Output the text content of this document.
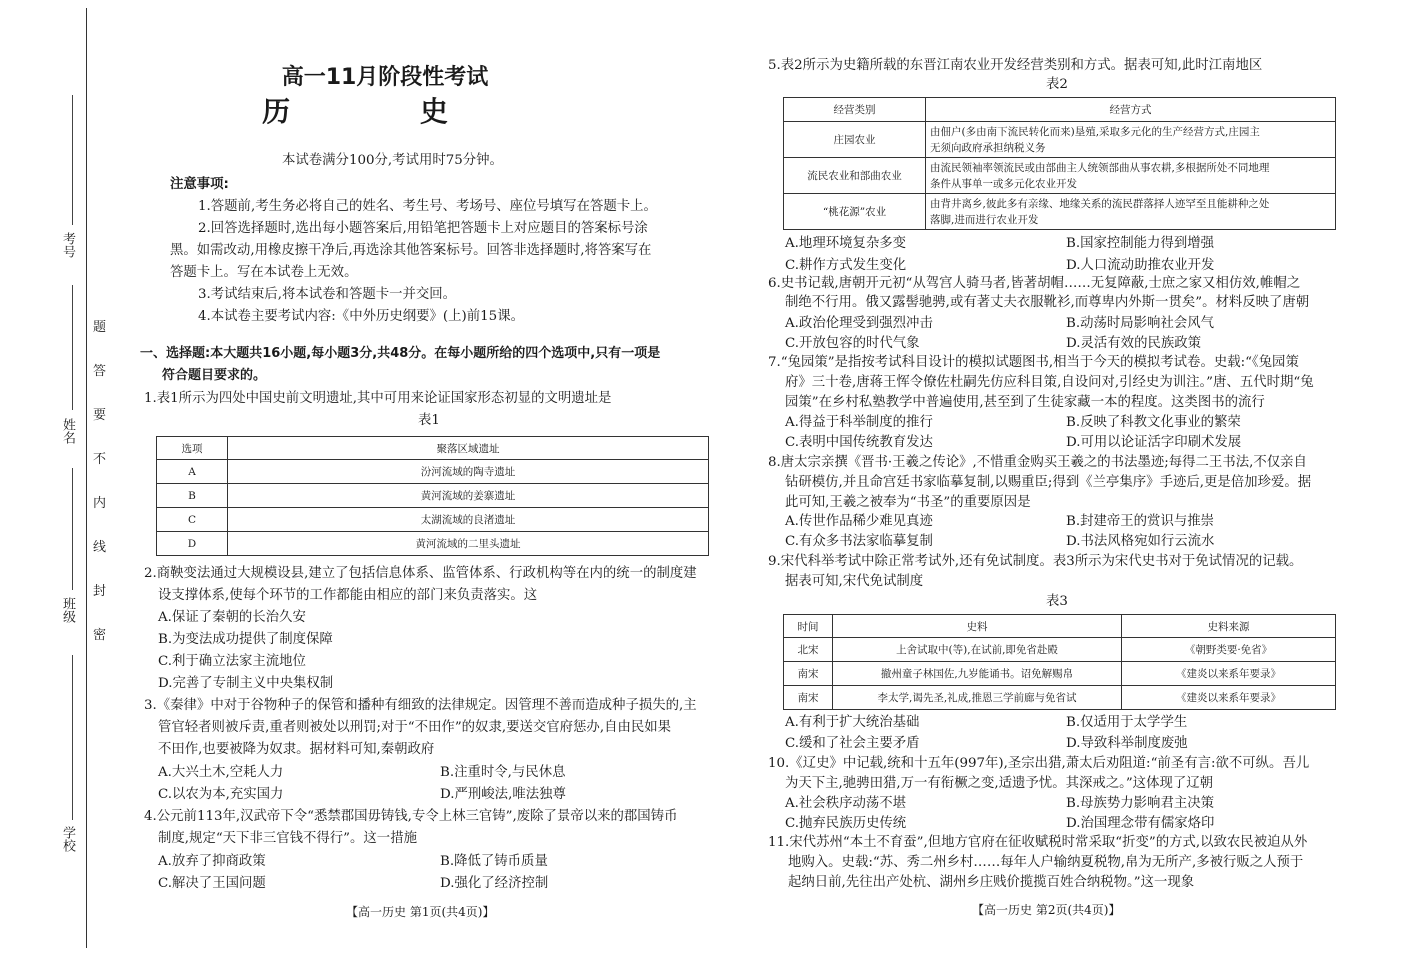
考号
姓名
班级
学校
题
答
要
不
内
线
封
密
高一11月阶段性考试
历 史
本试卷满分100分,考试用时75分钟。
注意事项:
1.答题前,考生务必将自己的姓名、考生号、考场号、座位号填写在答题卡上。
2.回答选择题时,选出每小题答案后,用铅笔把答题卡上对应题目的答案标号涂
黑。如需改动,用橡皮擦干净后,再选涂其他答案标号。回答非选择题时,将答案写在
答题卡上。写在本试卷上无效。
3.考试结束后,将本试卷和答题卡一并交回。
4.本试卷主要考试内容:《中外历史纲要》(上)前15课。
一、选择题:本大题共16小题,每小题3分,共48分。在每小题所给的四个选项中,只有一项是
符合题目要求的。
1.表1所示为四处中国史前文明遗址,其中可用来论证国家形态初显的文明遗址是
表1
选项	聚落区域遗址
A	汾河流域的陶寺遗址
B	黄河流域的姜寨遗址
C	太湖流域的良渚遗址
D	黄河流域的二里头遗址
2.商鞅变法通过大规模设县,建立了包括信息体系、监管体系、行政机构等在内的统一的制度建
设支撑体系,使每个环节的工作都能由相应的部门来负责落实。这
A.保证了秦朝的长治久安
B.为变法成功提供了制度保障
C.利于确立法家主流地位
D.完善了专制主义中央集权制
3.《秦律》中对于谷物种子的保管和播种有细致的法律规定。因管理不善而造成种子损失的,主
管官轻者则被斥责,重者则被处以刑罚;对于“不田作”的奴隶,要送交官府惩办,自由民如果
不田作,也要被降为奴隶。据材料可知,秦朝政府
A.大兴土木,空耗人力	B.注重时令,与民休息
C.以农为本,充实国力	D.严刑峻法,唯法独尊
4.公元前113年,汉武帝下令“悉禁郡国毋铸钱,专令上林三官铸”,废除了景帝以来的郡国铸币
制度,规定“天下非三官钱不得行”。这一措施
A.放弃了抑商政策	B.降低了铸币质量
C.解决了王国问题	D.强化了经济控制
【高一历史 第1页(共4页)】
5.表2所示为史籍所载的东晋江南农业开发经营类别和方式。据表可知,此时江南地区
表2
经营类别	经营方式
庄园农业	由佃户(多由南下流民转化而来)垦殖,采取多元化的生产经营方式,庄园主
无须向政府承担纳税义务

流民农业和部曲农业	由流民领袖率领流民或由部曲主人统领部曲从事农耕,多根据所处不同地理
条件从事单一或多元化农业开发

“桃花源”农业	由背井离乡,彼此多有亲缘、地缘关系的流民群落择人迹罕至且能耕种之处
落脚,进而进行农业开发
A.地理环境复杂多变	B.国家控制能力得到增强
C.耕作方式发生变化	D.人口流动助推农业开发
6.史书记载,唐朝开元初“从驾宫人骑马者,皆著胡帽……无复障蔽,士庶之家又相仿效,帷帽之
制绝不行用。俄又露髻驰骋,或有著丈夫衣服靴衫,而尊卑内外斯一贯矣”。材料反映了唐朝
A.政治伦理受到强烈冲击	B.动荡时局影响社会风气
C.开放包容的时代气象	D.灵活有效的民族政策
7.“兔园策”是指按考试科目设计的模拟试题图书,相当于今天的模拟考试卷。史载:“《兔园策
府》三十卷,唐蒋王恽令僚佐杜嗣先仿应科目策,自设问对,引经史为训注。”唐、五代时期“兔
园策”在乡村私塾教学中普遍使用,甚至到了生徒家藏一本的程度。这类图书的流行
A.得益于科举制度的推行	B.反映了科教文化事业的繁荣
C.表明中国传统教育发达	D.可用以论证活字印刷术发展
8.唐太宗亲撰《晋书·王羲之传论》,不惜重金购买王羲之的书法墨迹;每得二王书法,不仅亲自
钻研模仿,并且命宫廷书家临摹复制,以赐重臣;得到《兰亭集序》手迹后,更是倍加珍爱。据
此可知,王羲之被奉为“书圣”的重要原因是
A.传世作品稀少难见真迹	B.封建帝王的赏识与推崇
C.有众多书法家临摹复制	D.书法风格宛如行云流水
9.宋代科举考试中除正常考试外,还有免试制度。表3所示为宋代史书对于免试情况的记载。
据表可知,宋代免试制度
表3
时间	史料	史料来源
北宋	上舍试取中(等),在试前,即免省赴殿	《朝野类要·免省》
南宋	撤州童子林国佐,九岁能诵书。诏免解赐帛	《建炎以来系年要录》
南宋	李太学,谒先圣,礼成,推恩三学前廊与免省试	《建炎以来系年要录》
A.有利于扩大统治基础	B.仅适用于太学学生
C.缓和了社会主要矛盾	D.导致科举制度废弛
10.《辽史》中记载,统和十五年(997年),圣宗出猎,萧太后劝阻道:“前圣有言:欲不可纵。吾儿
为天下主,驰骋田猎,万一有衔橛之变,适遗予忧。其深戒之。”这体现了辽朝
A.社会秩序动荡不堪	B.母族势力影响君主决策
C.抛弃民族历史传统	D.治国理念带有儒家烙印
11.宋代苏州“本土不育蚕”,但地方官府在征收赋税时常采取“折变”的方式,以致农民被迫从外
地购入。史载:“苏、秀二州乡村……每年人户输纳夏税物,帛为无所产,多被行贩之人预于
起纳日前,先往出产处杭、湖州乡庄贱价揽揽百姓合纳税物。”这一现象
【高一历史 第2页(共4页)】
